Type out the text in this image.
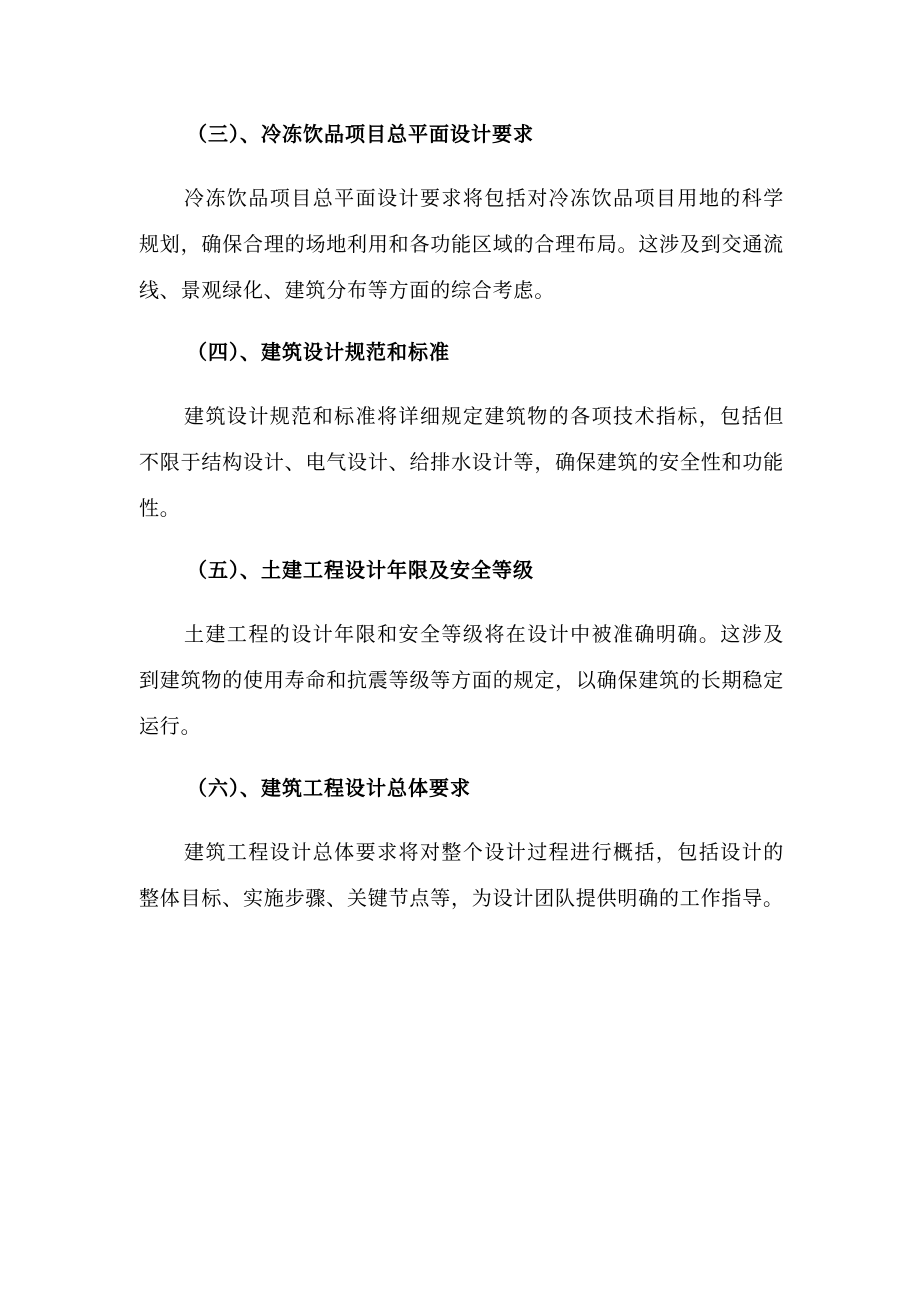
（三）、冷冻饮品项目总平面设计要求

冷冻饮品项目总平面设计要求将包括对冷冻饮品项目用地的科学规划，确保合理的场地利用和各功能区域的合理布局。这涉及到交通流线、景观绿化、建筑分布等方面的综合考虑。

（四）、建筑设计规范和标准

建筑设计规范和标准将详细规定建筑物的各项技术指标，包括但不限于结构设计、电气设计、给排水设计等，确保建筑的安全性和功能性。

（五）、土建工程设计年限及安全等级

土建工程的设计年限和安全等级将在设计中被准确明确。这涉及到建筑物的使用寿命和抗震等级等方面的规定，以确保建筑的长期稳定运行。

（六）、建筑工程设计总体要求

建筑工程设计总体要求将对整个设计过程进行概括，包括设计的整体目标、实施步骤、关键节点等，为设计团队提供明确的工作指导。
